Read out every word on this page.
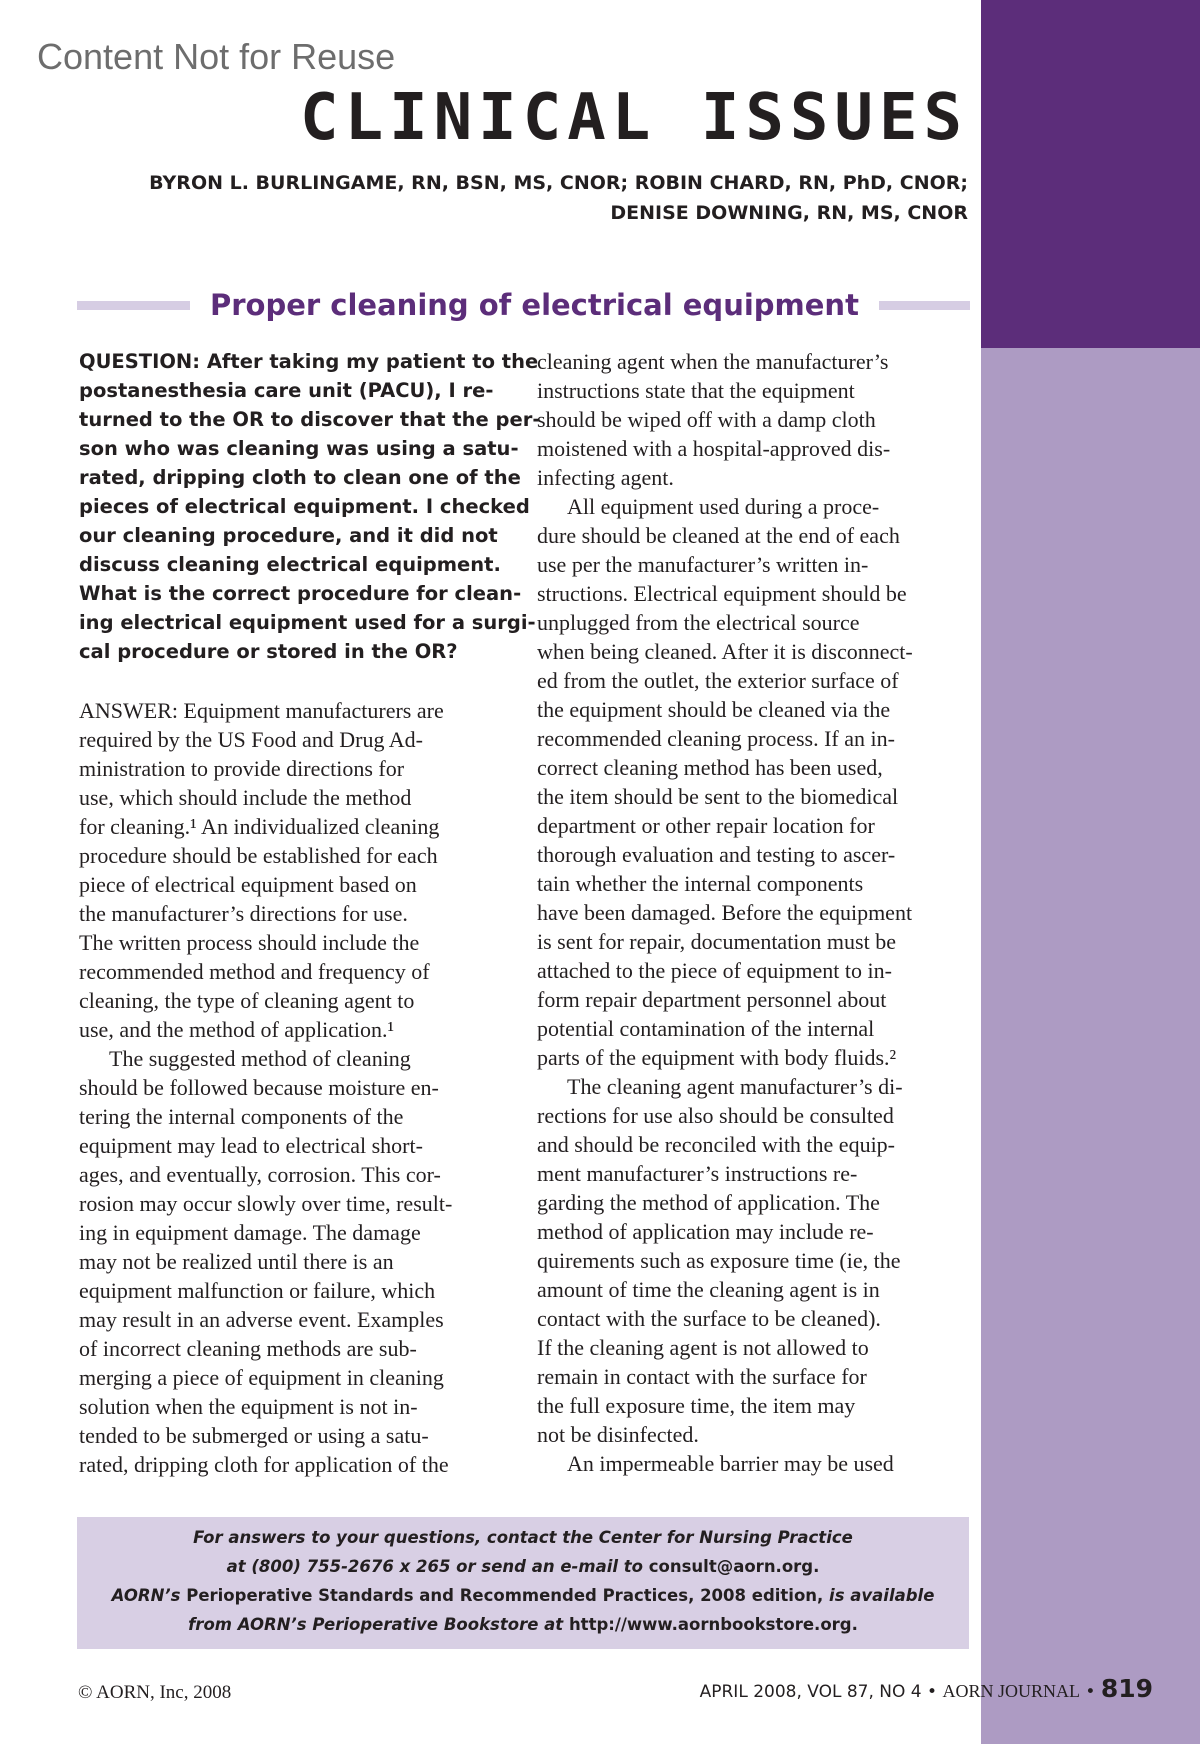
Content Not for Reuse
CLINICAL ISSUES
BYRON L. BURLINGAME, RN, BSN, MS, CNOR; ROBIN CHARD, RN, PhD, CNOR;
DENISE DOWNING, RN, MS, CNOR
Proper cleaning of electrical equipment

QUESTION: After taking my patient to the
postanesthesia care unit (PACU), I re-
turned to the OR to discover that the per-
son who was cleaning was using a satu-
rated, dripping cloth to clean one of the
pieces of electrical equipment. I checked
our cleaning procedure, and it did not
discuss cleaning electrical equipment.
What is the correct procedure for clean-
ing electrical equipment used for a surgi-
cal procedure or stored in the OR?

ANSWER: Equipment manufacturers are
required by the US Food and Drug Ad-
ministration to provide directions for
use, which should include the method
for cleaning.¹ An individualized cleaning
procedure should be established for each
piece of electrical equipment based on
the manufacturer’s directions for use.
The written process should include the
recommended method and frequency of
cleaning, the type of cleaning agent to
use, and the method of application.¹

The suggested method of cleaning
should be followed because moisture en-
tering the internal components of the
equipment may lead to electrical short-
ages, and eventually, corrosion. This cor-
rosion may occur slowly over time, result-
ing in equipment damage. The damage
may not be realized until there is an
equipment malfunction or failure, which
may result in an adverse event. Examples
of incorrect cleaning methods are sub-
merging a piece of equipment in cleaning
solution when the equipment is not in-
tended to be submerged or using a satu-
rated, dripping cloth for application of the

cleaning agent when the manufacturer’s
instructions state that the equipment
should be wiped off with a damp cloth
moistened with a hospital-approved dis-
infecting agent.

All equipment used during a proce-
dure should be cleaned at the end of each
use per the manufacturer’s written in-
structions. Electrical equipment should be
unplugged from the electrical source
when being cleaned. After it is disconnect-
ed from the outlet, the exterior surface of
the equipment should be cleaned via the
recommended cleaning process. If an in-
correct cleaning method has been used,
the item should be sent to the biomedical
department or other repair location for
thorough evaluation and testing to ascer-
tain whether the internal components
have been damaged. Before the equipment
is sent for repair, documentation must be
attached to the piece of equipment to in-
form repair department personnel about
potential contamination of the internal
parts of the equipment with body fluids.²

The cleaning agent manufacturer’s di-
rections for use also should be consulted
and should be reconciled with the equip-
ment manufacturer’s instructions re-
garding the method of application. The
method of application may include re-
quirements such as exposure time (ie, the
amount of time the cleaning agent is in
contact with the surface to be cleaned).
If the cleaning agent is not allowed to
remain in contact with the surface for
the full exposure time, the item may
not be disinfected.

An impermeable barrier may be used

For answers to your questions, contact the Center for Nursing Practice
at (800) 755-2676 x 265 or send an e-mail to consult@aorn.org.
AORN’s Perioperative Standards and Recommended Practices, 2008 edition, is available
from AORN’s Perioperative Bookstore at http://www.aornbookstore.org.
© AORN, Inc, 2008	APRIL 2008, VOL 87, NO 4 • AORN JOURNAL • 819
